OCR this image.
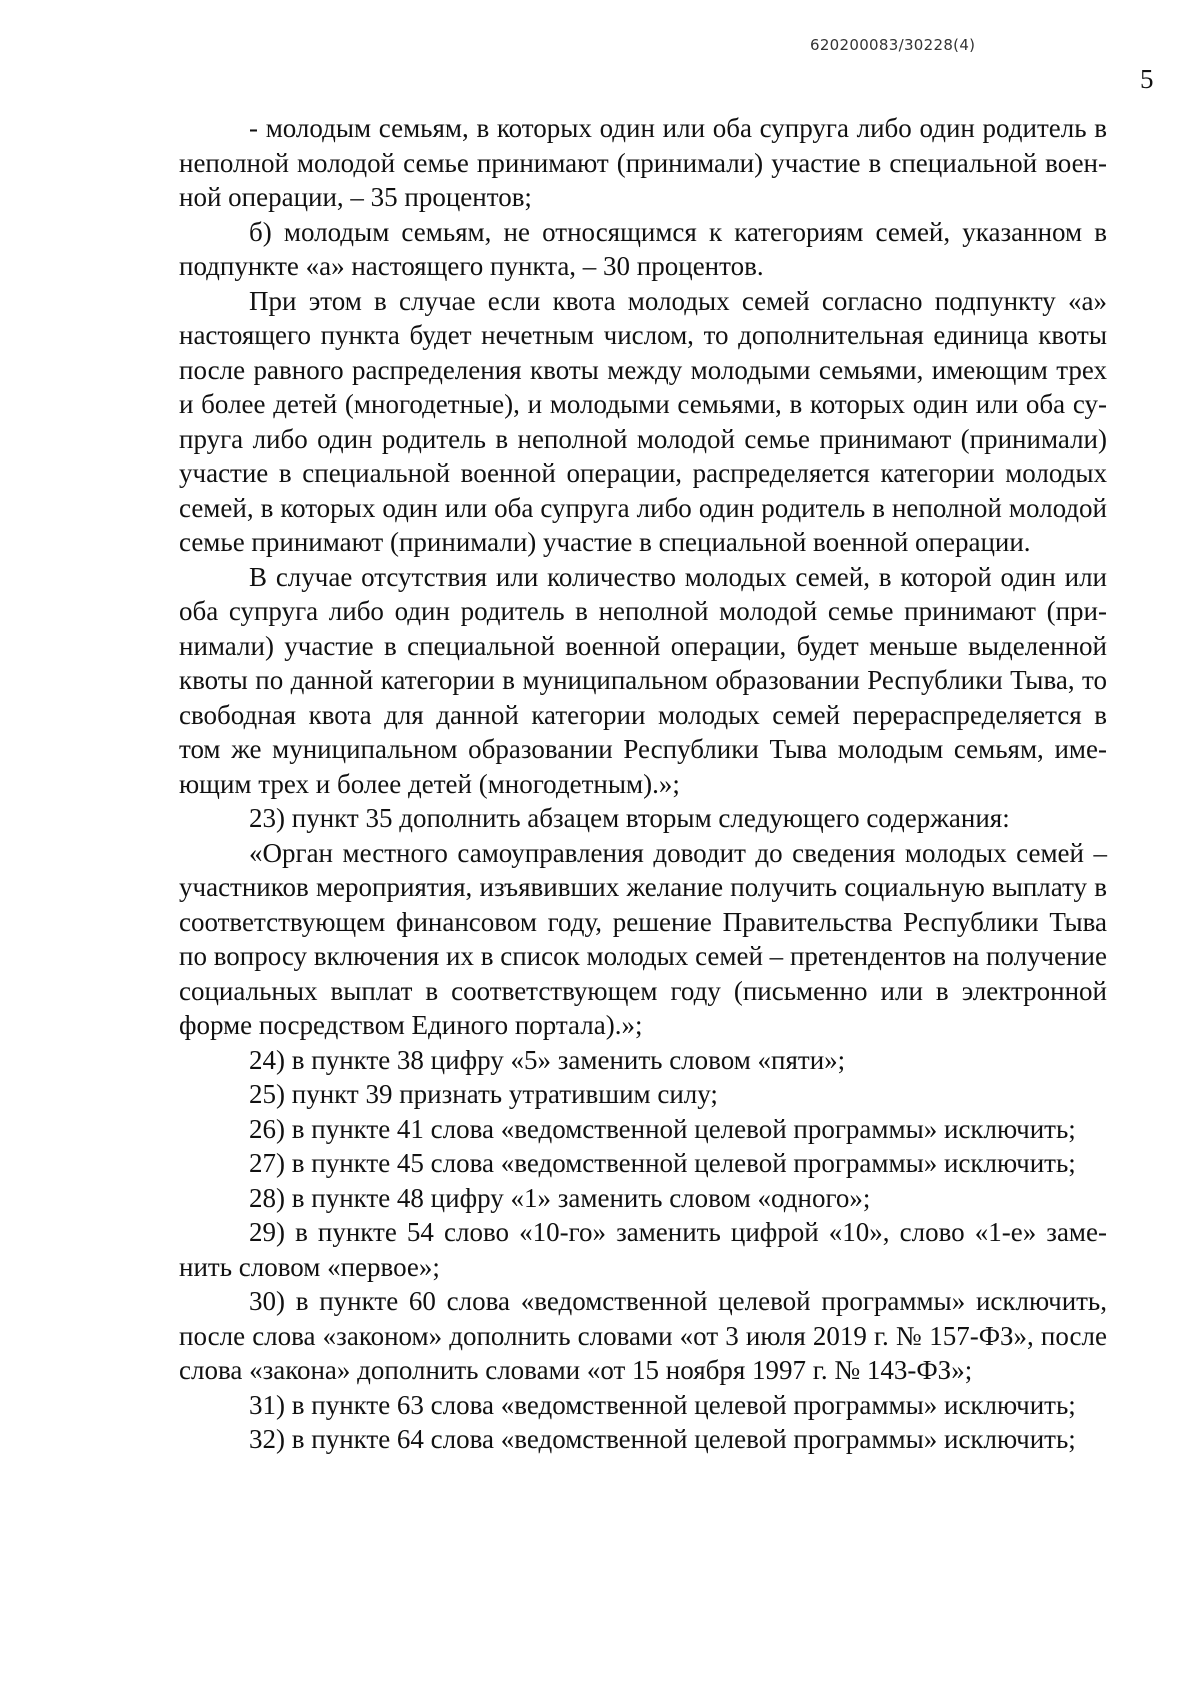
620200083/30228(4)
5

- молодым семьям, в которых один или оба супруга либо один родитель в неполной молодой семье принимают (принимали) участие в специальной военной операции, – 35 процентов;

б) молодым семьям, не относящимся к категориям семей, указанном в подпункте «а» настоящего пункта, – 30 процентов.

При этом в случае если квота молодых семей согласно подпункту «а» настоящего пункта будет нечетным числом, то дополнительная единица квоты после равного распределения квоты между молодыми семьями, имеющим трех и более детей (многодетные), и молодыми семьями, в которых один или оба супруга либо один родитель в неполной молодой семье принимают (принимали) участие в специальной военной операции, распределяется категории молодых семей, в которых один или оба супруга либо один родитель в неполной молодой семье принимают (принимали) участие в специальной военной операции.

В случае отсутствия или количество молодых семей, в которой один или оба супруга либо один родитель в неполной молодой семье принимают (принимали) участие в специальной военной операции, будет меньше выделенной квоты по данной категории в муниципальном образовании Республики Тыва, то свободная квота для данной категории молодых семей перераспределяется в том же муниципальном образовании Республики Тыва молодым семьям, имеющим трех и более детей (многодетным).»;

23) пункт 35 дополнить абзацем вторым следующего содержания:

«Орган местного самоуправления доводит до сведения молодых семей – участников мероприятия, изъявивших желание получить социальную выплату в соответствующем финансовом году, решение Правительства Республики Тыва по вопросу включения их в список молодых семей – претендентов на получение социальных выплат в соответствующем году (письменно или в электронной форме посредством Единого портала).»;

24) в пункте 38 цифру «5» заменить словом «пяти»;

25) пункт 39 признать утратившим силу;

26) в пункте 41 слова «ведомственной целевой программы» исключить;

27) в пункте 45 слова «ведомственной целевой программы» исключить;

28) в пункте 48 цифру «1» заменить словом «одного»;

29) в пункте 54 слово «10-го» заменить цифрой «10», слово «1-е» заменить словом «первое»;

30) в пункте 60 слова «ведомственной целевой программы» исключить, после слова «законом» дополнить словами «от 3 июля 2019 г. № 157-ФЗ», после слова «закона» дополнить словами «от 15 ноября 1997 г. № 143-ФЗ»;

31) в пункте 63 слова «ведомственной целевой программы» исключить;

32) в пункте 64 слова «ведомственной целевой программы» исключить;
